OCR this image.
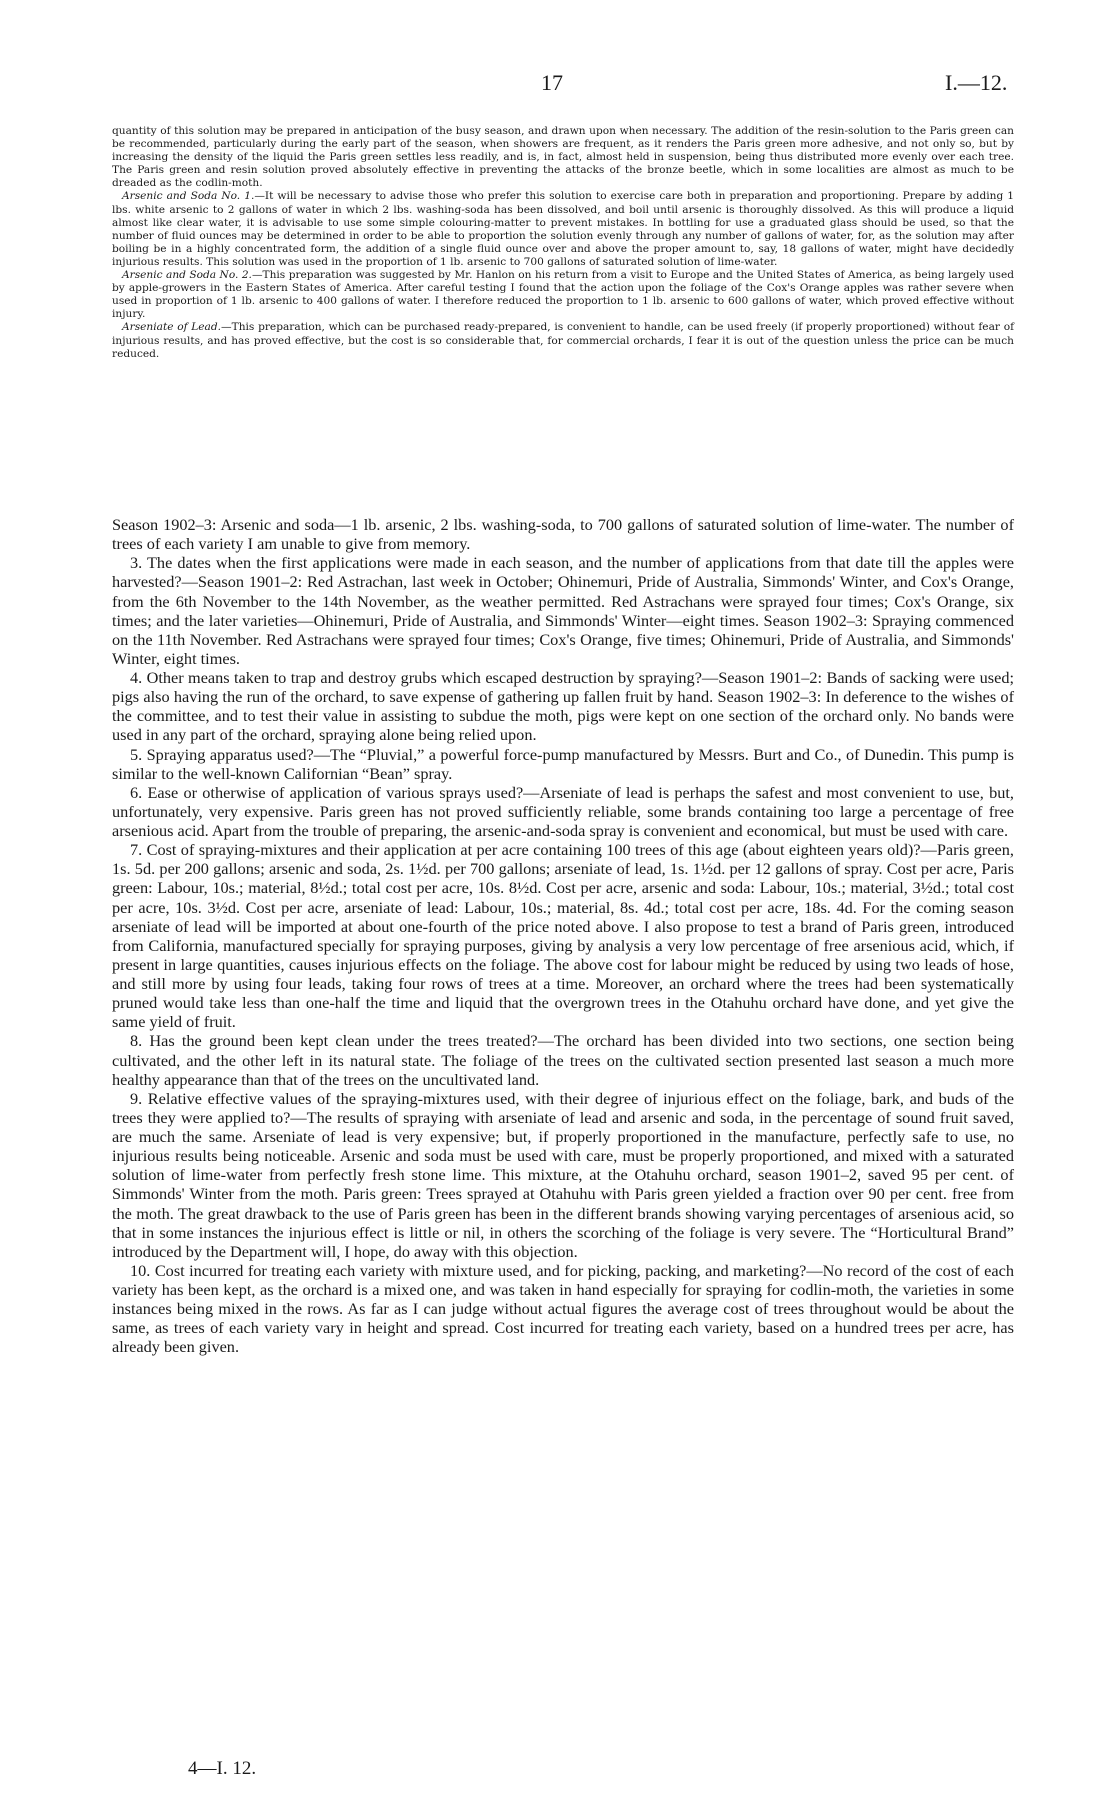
17	I.—12.

quantity of this solution may be prepared in anticipation of the busy season, and drawn upon when necessary. The addition of the resin-solution to the Paris green can be recommended, particularly during the early part of the season, when showers are frequent, as it renders the Paris green more adhesive, and not only so, but by increasing the density of the liquid the Paris green settles less readily, and is, in fact, almost held in suspension, being thus distributed more evenly over each tree. The Paris green and resin solution proved absolutely effective in preventing the attacks of the bronze beetle, which in some localities are almost as much to be dreaded as the codlin-moth.

Arsenic and Soda No. 1.—It will be necessary to advise those who prefer this solution to exercise care both in preparation and proportioning. Prepare by adding 1 lbs. white arsenic to 2 gallons of water in which 2 lbs. washing-soda has been dissolved, and boil until arsenic is thoroughly dissolved. As this will produce a liquid almost like clear water, it is advisable to use some simple colouring-matter to prevent mistakes. In bottling for use a graduated glass should be used, so that the number of fluid ounces may be determined in order to be able to proportion the solution evenly through any number of gallons of water, for, as the solution may after boiling be in a highly concentrated form, the addition of a single fluid ounce over and above the proper amount to, say, 18 gallons of water, might have decidedly injurious results. This solution was used in the proportion of 1 lb. arsenic to 700 gallons of saturated solution of lime-water.

Arsenic and Soda No. 2.—This preparation was suggested by Mr. Hanlon on his return from a visit to Europe and the United States of America, as being largely used by apple-growers in the Eastern States of America. After careful testing I found that the action upon the foliage of the Cox's Orange apples was rather severe when used in proportion of 1 lb. arsenic to 400 gallons of water. I therefore reduced the proportion to 1 lb. arsenic to 600 gallons of water, which proved effective without injury.

Arseniate of Lead.—This preparation, which can be purchased ready-prepared, is convenient to handle, can be used freely (if properly proportioned) without fear of injurious results, and has proved effective, but the cost is so considerable that, for commercial orchards, I fear it is out of the question unless the price can be much reduced.

Season 1902–3: Arsenic and soda—1 lb. arsenic, 2 lbs. washing-soda, to 700 gallons of saturated solution of lime-water. The number of trees of each variety I am unable to give from memory.

3. The dates when the first applications were made in each season, and the number of applications from that date till the apples were harvested?—Season 1901–2: Red Astrachan, last week in October; Ohinemuri, Pride of Australia, Simmonds' Winter, and Cox's Orange, from the 6th November to the 14th November, as the weather permitted. Red Astrachans were sprayed four times; Cox's Orange, six times; and the later varieties—Ohinemuri, Pride of Australia, and Simmonds' Winter—eight times. Season 1902–3: Spraying commenced on the 11th November. Red Astrachans were sprayed four times; Cox's Orange, five times; Ohinemuri, Pride of Australia, and Simmonds' Winter, eight times.

4. Other means taken to trap and destroy grubs which escaped destruction by spraying?—Season 1901–2: Bands of sacking were used; pigs also having the run of the orchard, to save expense of gathering up fallen fruit by hand. Season 1902–3: In deference to the wishes of the committee, and to test their value in assisting to subdue the moth, pigs were kept on one section of the orchard only. No bands were used in any part of the orchard, spraying alone being relied upon.

5. Spraying apparatus used?—The “Pluvial,” a powerful force-pump manufactured by Messrs. Burt and Co., of Dunedin. This pump is similar to the well-known Californian “Bean” spray.

6. Ease or otherwise of application of various sprays used?—Arseniate of lead is perhaps the safest and most convenient to use, but, unfortunately, very expensive. Paris green has not proved sufficiently reliable, some brands containing too large a percentage of free arsenious acid. Apart from the trouble of preparing, the arsenic-and-soda spray is convenient and economical, but must be used with care.

7. Cost of spraying-mixtures and their application at per acre containing 100 trees of this age (about eighteen years old)?—Paris green, 1s. 5d. per 200 gallons; arsenic and soda, 2s. 1½d. per 700 gallons; arseniate of lead, 1s. 1½d. per 12 gallons of spray. Cost per acre, Paris green: Labour, 10s.; material, 8½d.; total cost per acre, 10s. 8½d. Cost per acre, arsenic and soda: Labour, 10s.; material, 3½d.; total cost per acre, 10s. 3½d. Cost per acre, arseniate of lead: Labour, 10s.; material, 8s. 4d.; total cost per acre, 18s. 4d. For the coming season arseniate of lead will be imported at about one-fourth of the price noted above. I also propose to test a brand of Paris green, introduced from California, manufactured specially for spraying purposes, giving by analysis a very low percentage of free arsenious acid, which, if present in large quantities, causes injurious effects on the foliage. The above cost for labour might be reduced by using two leads of hose, and still more by using four leads, taking four rows of trees at a time. Moreover, an orchard where the trees had been systematically pruned would take less than one-half the time and liquid that the overgrown trees in the Otahuhu orchard have done, and yet give the same yield of fruit.

8. Has the ground been kept clean under the trees treated?—The orchard has been divided into two sections, one section being cultivated, and the other left in its natural state. The foliage of the trees on the cultivated section presented last season a much more healthy appearance than that of the trees on the uncultivated land.

9. Relative effective values of the spraying-mixtures used, with their degree of injurious effect on the foliage, bark, and buds of the trees they were applied to?—The results of spraying with arseniate of lead and arsenic and soda, in the percentage of sound fruit saved, are much the same. Arseniate of lead is very expensive; but, if properly proportioned in the manufacture, perfectly safe to use, no injurious results being noticeable. Arsenic and soda must be used with care, must be properly proportioned, and mixed with a saturated solution of lime-water from perfectly fresh stone lime. This mixture, at the Otahuhu orchard, season 1901–2, saved 95 per cent. of Simmonds' Winter from the moth. Paris green: Trees sprayed at Otahuhu with Paris green yielded a fraction over 90 per cent. free from the moth. The great drawback to the use of Paris green has been in the different brands showing varying percentages of arsenious acid, so that in some instances the injurious effect is little or nil, in others the scorching of the foliage is very severe. The “Horticultural Brand” introduced by the Department will, I hope, do away with this objection.

10. Cost incurred for treating each variety with mixture used, and for picking, packing, and marketing?—No record of the cost of each variety has been kept, as the orchard is a mixed one, and was taken in hand especially for spraying for codlin-moth, the varieties in some instances being mixed in the rows. As far as I can judge without actual figures the average cost of trees throughout would be about the same, as trees of each variety vary in height and spread. Cost incurred for treating each variety, based on a hundred trees per acre, has already been given.

4—I. 12.
